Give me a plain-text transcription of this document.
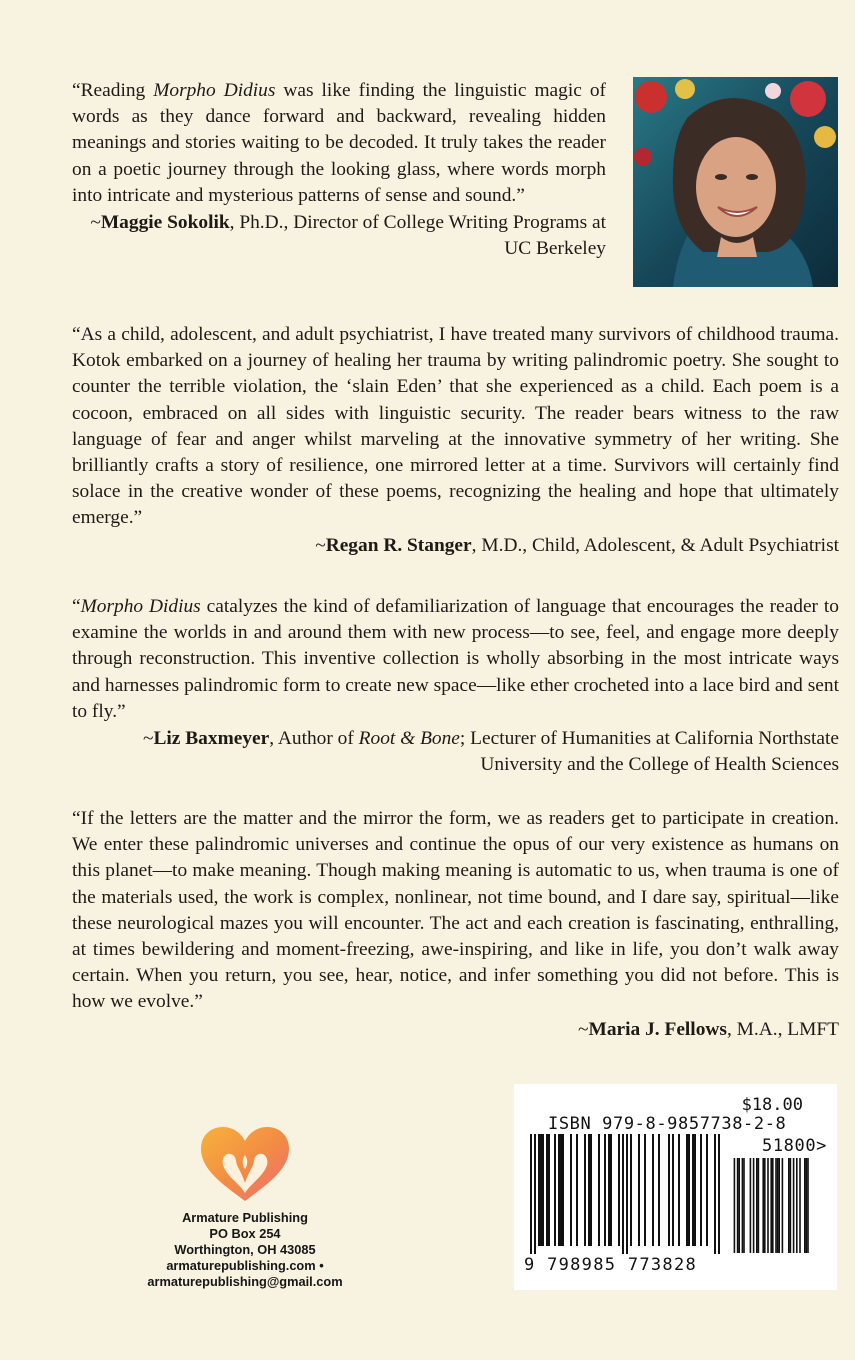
“Reading Morpho Didius was like finding the linguistic magic of words as they dance forward and backward, revealing hidden meanings and stories waiting to be decoded. It truly takes the reader on a poetic journey through the looking glass, where words morph into intricate and mysterious patterns of sense and sound.”

~Maggie Sokolik, Ph.D., Director of College Writing Programs at UC Berkeley

“As a child, adolescent, and adult psychiatrist, I have treated many survivors of childhood trauma. Kotok embarked on a journey of healing her trauma by writing palindromic poetry. She sought to counter the terrible violation, the ‘slain Eden’ that she experienced as a child. Each poem is a cocoon, embraced on all sides with linguistic security. The reader bears witness to the raw language of fear and anger whilst marveling at the innovative symmetry of her writing. She brilliantly crafts a story of resilience, one mirrored letter at a time. Survivors will certainly find solace in the creative wonder of these poems, recognizing the healing and hope that ultimately emerge.”

~Regan R. Stanger, M.D., Child, Adolescent, & Adult Psychiatrist

“Morpho Didius catalyzes the kind of defamiliarization of language that encourages the reader to examine the worlds in and around them with new process—to see, feel, and engage more deeply through reconstruction. This inventive collection is wholly absorbing in the most intricate ways and harnesses palindromic form to create new space—like ether crocheted into a lace bird and sent to fly.”

~Liz Baxmeyer, Author of Root & Bone; Lecturer of Humanities at California Northstate University and the College of Health Sciences

“If the letters are the matter and the mirror the form, we as readers get to participate in creation. We enter these palindromic universes and continue the opus of our very existence as humans on this planet—to make meaning. Though making meaning is automatic to us, when trauma is one of the materials used, the work is complex, nonlinear, not time bound, and I dare say, spiritual—like these neurological mazes you will encounter. The act and each creation is fascinating, enthralling, at times bewildering and moment-freezing, awe-inspiring, and like in life, you don’t walk away certain. When you return, you see, hear, notice, and infer something you did not before. This is how we evolve.”

~Maria J. Fellows, M.A., LMFT

Armature Publishing
PO Box 254
Worthington, OH 43085
armaturepublishing.com • armaturepublishing@gmail.com
$18.00
ISBN 979-8-9857738-2-8
51800>
9 798985 773828
